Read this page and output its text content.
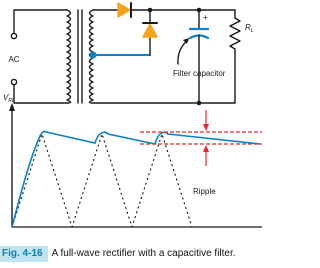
AC
+
$R_L$
Filter capacitor
$V_{RL}$
Ripple
Fig. 4-16 A full-wave rectifier with a capacitive filter.
